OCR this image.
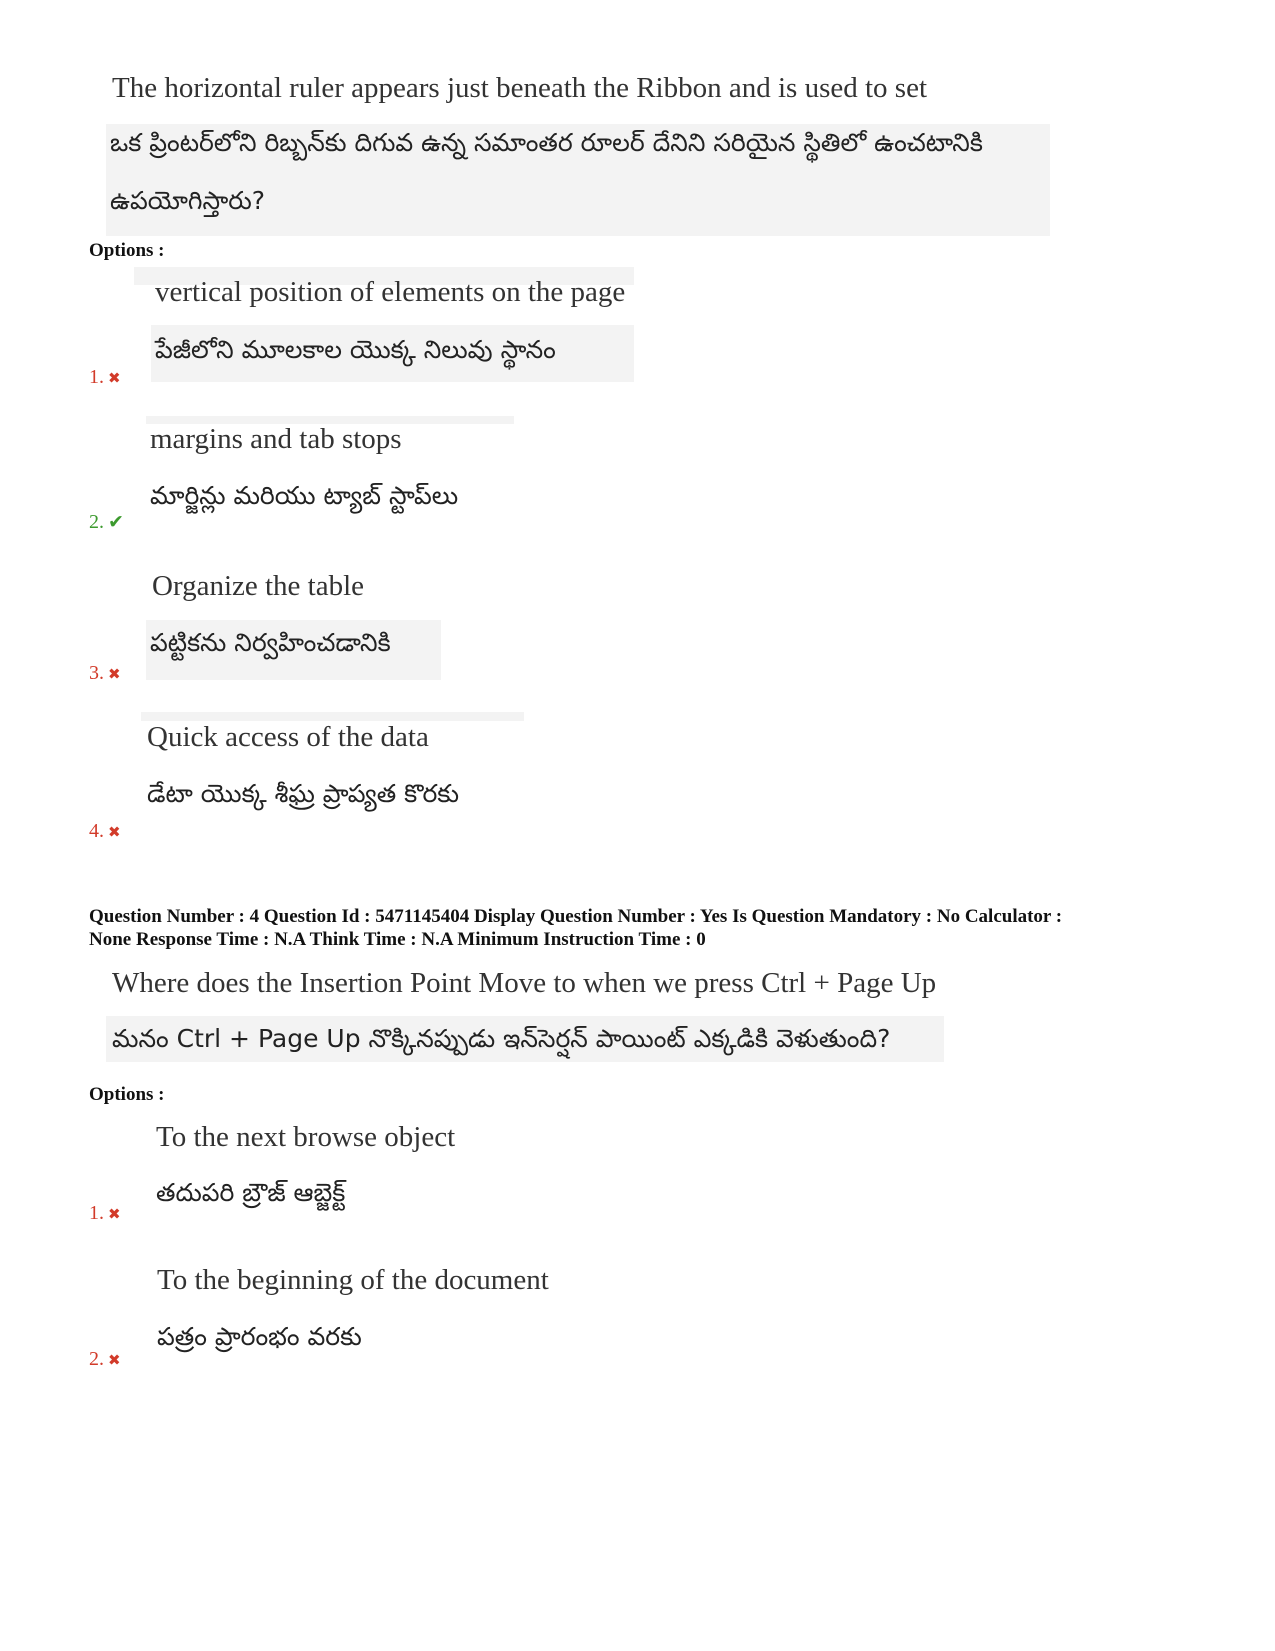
The horizontal ruler appears just beneath the Ribbon and is used to set
ఒక ప్రింటర్‌లోని రిబ్బన్‌కు దిగువ ఉన్న సమాంతర రూలర్ దేనిని సరియైన స్థితిలో ఉంచటానికి
ఉపయోగిస్తారు?
Options :
vertical position of elements on the page
పేజీలోని మూలకాల యొక్క నిలువు స్థానం
1. ✖
margins and tab stops
మార్జిన్లు మరియు ట్యాబ్ స్టాప్‌లు
2. ✔
Organize the table
పట్టికను నిర్వహించడానికి
3. ✖
Quick access of the data
డేటా యొక్క శీఘ్ర ప్రాప్యత కొరకు
4. ✖
Question Number : 4 Question Id : 5471145404 Display Question Number : Yes Is Question Mandatory : No Calculator :
None Response Time : N.A Think Time : N.A Minimum Instruction Time : 0
Where does the Insertion Point Move to when we press Ctrl + Page Up
మనం Ctrl + Page Up నొక్కినప్పుడు ఇన్‌సెర్షన్ పాయింట్ ఎక్కడికి వెళుతుంది?
Options :
To the next browse object
తదుపరి బ్రౌజ్ ఆబ్జెక్ట్
1. ✖
To the beginning of the document
పత్రం ప్రారంభం వరకు
2. ✖
